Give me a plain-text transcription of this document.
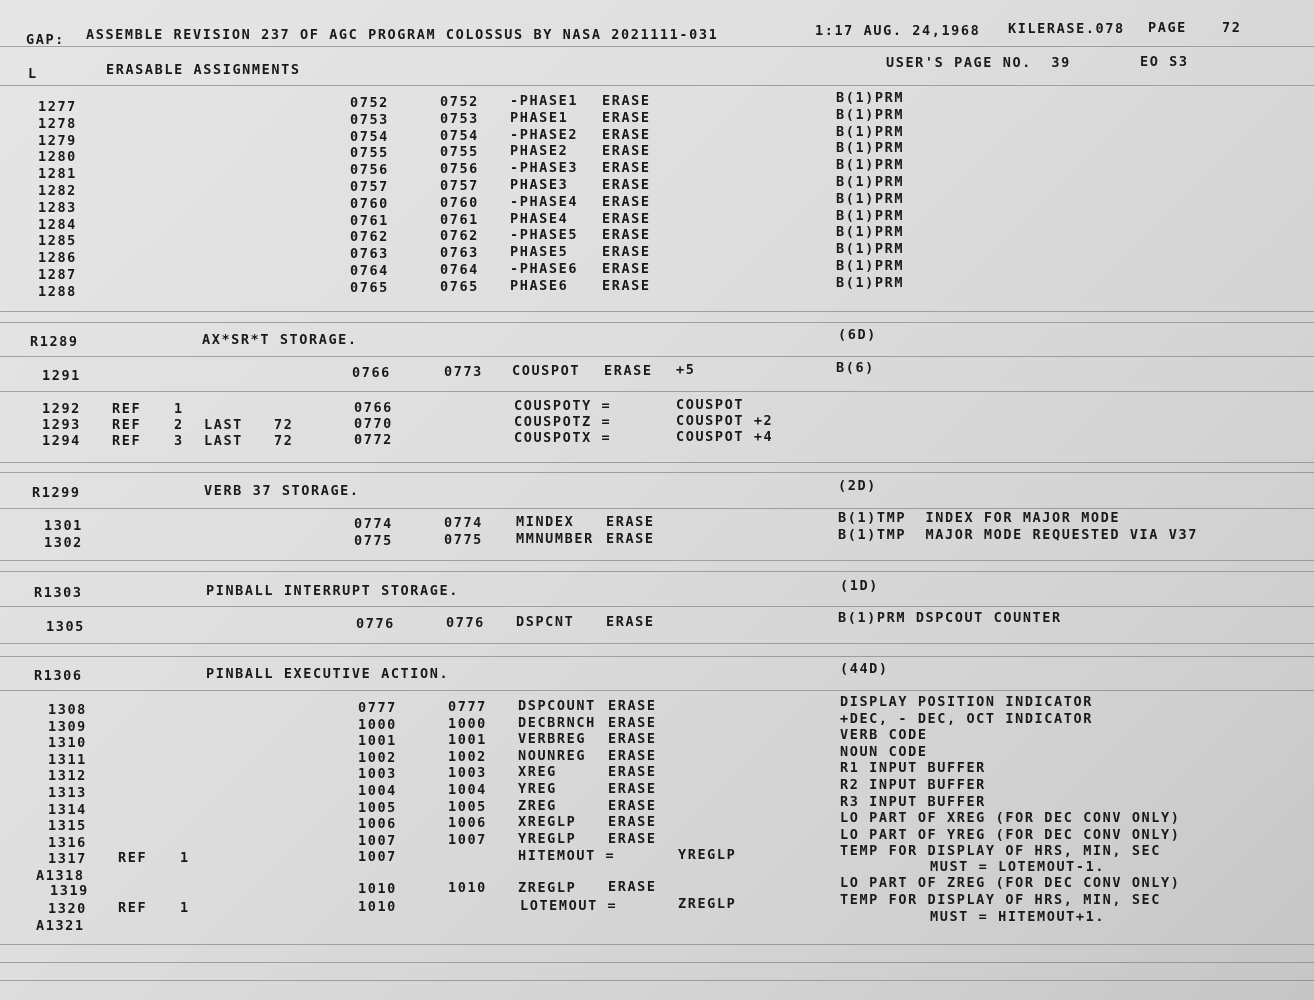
GAP: ASSEMBLE REVISION 237 OF AGC PROGRAM COLOSSUS BY NASA 2021111-031	1:17 AUG. 24,1968 KILERASE.078 PAGE	72
L	ERASABLE ASSIGNMENTS	USER'S PAGE NO.  39	EO S3
1277	0752	0752 -PHASE1 ERASE	B(1)PRM
1278	0753	0753 PHASE1 ERASE	B(1)PRM
1279	0754	0754 -PHASE2 ERASE	B(1)PRM
1280	0755	0755 PHASE2 ERASE	B(1)PRM
1281	0756	0756 -PHASE3 ERASE	B(1)PRM
1282	0757	0757 PHASE3 ERASE	B(1)PRM
1283	0760	0760 -PHASE4 ERASE	B(1)PRM
1284	0761	0761 PHASE4 ERASE	B(1)PRM
1285	0762	0762 -PHASE5 ERASE	B(1)PRM
1286	0763	0763 PHASE5 ERASE	B(1)PRM
1287	0764	0764 -PHASE6 ERASE	B(1)PRM
1288	0765	0765 PHASE6 ERASE	B(1)PRM
R1289	AX*SR*T STORAGE.	(6D)
1291	0766	0773 COUSPOT ERASE +5	B(6)
1292 REF 1	0766	COUSPOTY =	COUSPOT
1293 REF 2 LAST 72	0770	COUSPOTZ =	COUSPOT +2
1294 REF 3 LAST 72	0772	COUSPOTX =	COUSPOT +4
R1299	VERB 37 STORAGE.	(2D)
1301	0774	0774 MINDEX ERASE	B(1)TMP  INDEX FOR MAJOR MODE
1302	0775	0775 MMNUMBER ERASE	B(1)TMP  MAJOR MODE REQUESTED VIA V37
R1303	PINBALL INTERRUPT STORAGE.	(1D)
1305	0776	0776 DSPCNT ERASE	B(1)PRM DSPCOUT COUNTER
R1306	PINBALL EXECUTIVE ACTION.	(44D)
1308	0777	0777 DSPCOUNT ERASE	DISPLAY POSITION INDICATOR
1309	1000	1000 DECBRNCH ERASE	+DEC, - DEC, OCT INDICATOR
1310	1001	1001 VERBREG ERASE	VERB CODE
1311	1002	1002 NOUNREG ERASE	NOUN CODE
1312	1003	1003 XREG	ERASE	R1 INPUT BUFFER
1313	1004	1004 YREG	ERASE	R2 INPUT BUFFER
1314	1005	1005 ZREG	ERASE	R3 INPUT BUFFER
1315	1006	1006 XREGLP ERASE	LO PART OF XREG (FOR DEC CONV ONLY)
1316	1007	1007 YREGLP ERASE	LO PART OF YREG (FOR DEC CONV ONLY)
1317 REF 1	1007	HITEMOUT =	YREGLP	TEMP FOR DISPLAY OF HRS, MIN, SEC
MUST = LOTEMOUT-1.
A1318
1319	1010	1010 ZREGLP ERASE	LO PART OF ZREG (FOR DEC CONV ONLY)
1320 REF 1	1010	LOTEMOUT =	ZREGLP	TEMP FOR DISPLAY OF HRS, MIN, SEC
MUST = HITEMOUT+1.
A1321
